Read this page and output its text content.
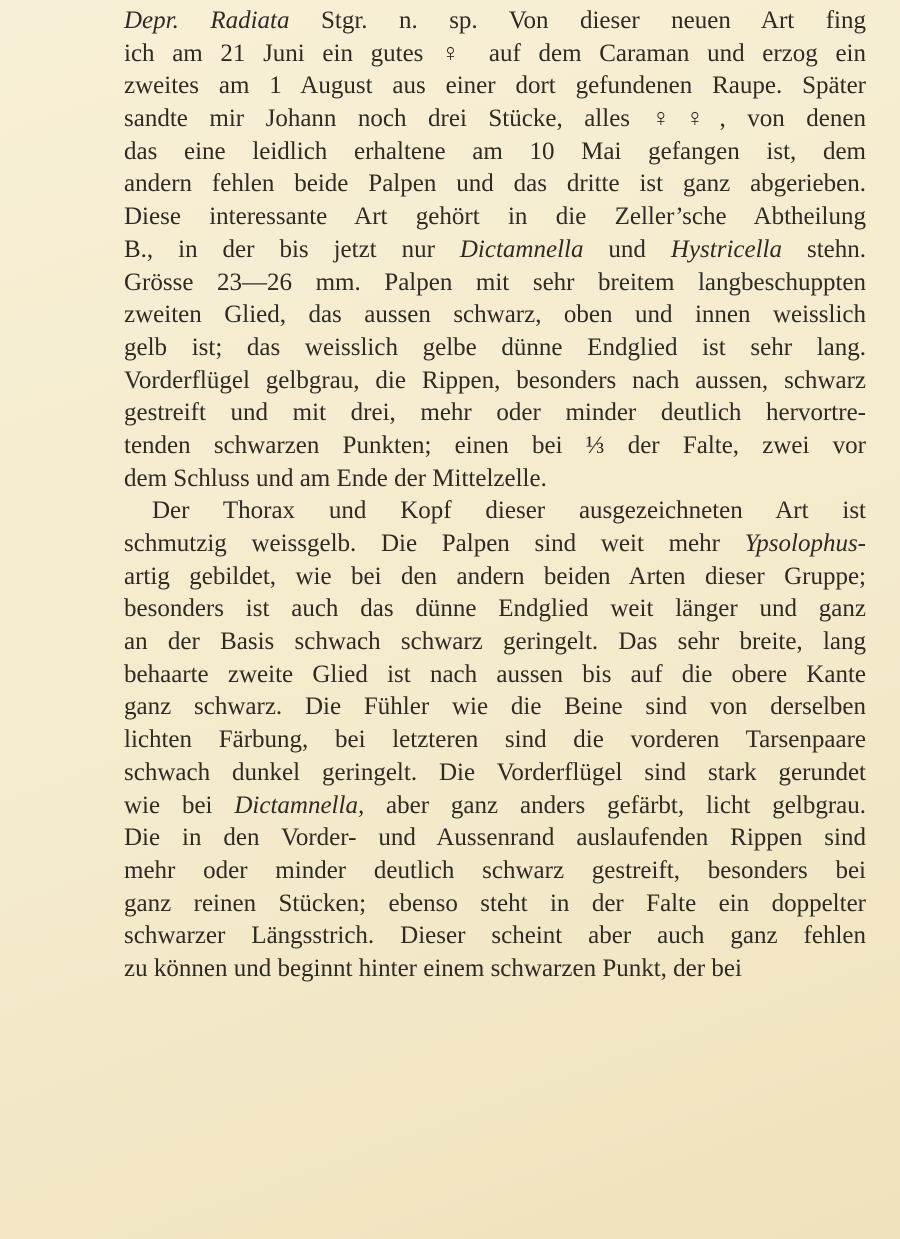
Depr. Radiata Stgr. n. sp. Von dieser neuen Art fing
ich am 21 Juni ein gutes ♀ auf dem Caraman und erzog ein
zweites am 1 August aus einer dort gefundenen Raupe. Später
sandte mir Johann noch drei Stücke, alles ♀♀, von denen
das eine leidlich erhaltene am 10 Mai gefangen ist, dem
andern fehlen beide Palpen und das dritte ist ganz abgerieben.
Diese interessante Art gehört in die Zeller’sche Abtheilung
B., in der bis jetzt nur Dictamnella und Hystricella stehn.
Grösse 23—26 mm. Palpen mit sehr breitem langbeschuppten
zweiten Glied, das aussen schwarz, oben und innen weisslich
gelb ist; das weisslich gelbe dünne Endglied ist sehr lang.
Vorderflügel gelbgrau, die Rippen, besonders nach aussen, schwarz
gestreift und mit drei, mehr oder minder deutlich hervortre-
tenden schwarzen Punkten; einen bei ⅓ der Falte, zwei vor
dem Schluss und am Ende der Mittelzelle.
Der Thorax und Kopf dieser ausgezeichneten Art ist
schmutzig weissgelb. Die Palpen sind weit mehr Ypsolophus-
artig gebildet, wie bei den andern beiden Arten dieser Gruppe;
besonders ist auch das dünne Endglied weit länger und ganz
an der Basis schwach schwarz geringelt. Das sehr breite, lang
behaarte zweite Glied ist nach aussen bis auf die obere Kante
ganz schwarz. Die Fühler wie die Beine sind von derselben
lichten Färbung, bei letzteren sind die vorderen Tarsenpaare
schwach dunkel geringelt. Die Vorderflügel sind stark gerundet
wie bei Dictamnella, aber ganz anders gefärbt, licht gelbgrau.
Die in den Vorder- und Aussenrand auslaufenden Rippen sind
mehr oder minder deutlich schwarz gestreift, besonders bei
ganz reinen Stücken; ebenso steht in der Falte ein doppelter
schwarzer Längsstrich. Dieser scheint aber auch ganz fehlen
zu können und beginnt hinter einem schwarzen Punkt, der bei
